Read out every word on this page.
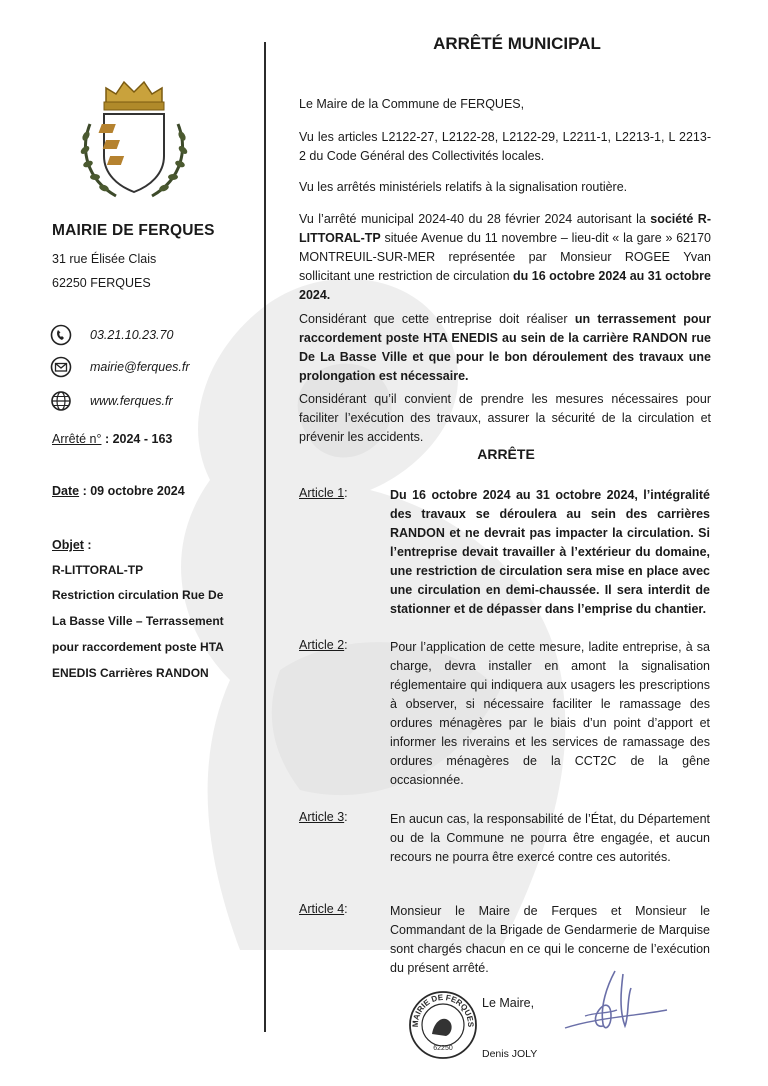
MAIRIE DE FERQUES
31 rue Élisée Clais
62250 FERQUES
03.21.10.23.70
mairie@ferques.fr
www.ferques.fr
Arrêté n° : 2024 - 163
Date : 09 octobre 2024
Objet :
R-LITTORAL-TP
Restriction circulation Rue De
La Basse Ville – Terrassement
pour raccordement poste HTA
ENEDIS Carrières RANDON
ARRÊTÉ MUNICIPAL
Le Maire de la Commune de FERQUES,
Vu les articles L2122-27, L2122-28, L2122-29, L2211-1, L2213-1, L 2213-2 du Code Général des Collectivités locales.
Vu les arrêtés ministériels relatifs à la signalisation routière.
Vu l’arrêté municipal 2024-40 du 28 février 2024 autorisant la société R-LITTORAL-TP située Avenue du 11 novembre – lieu-dit « la gare » 62170 MONTREUIL-SUR-MER représentée par Monsieur ROGEE Yvan sollicitant une restriction de circulation du 16 octobre 2024 au 31 octobre 2024.
Considérant que cette entreprise doit réaliser un terrassement pour raccordement poste HTA ENEDIS au sein de la carrière RANDON rue De La Basse Ville et que pour le bon déroulement des travaux une prolongation est nécessaire.
Considérant qu’il convient de prendre les mesures nécessaires pour faciliter l’exécution des travaux, assurer la sécurité de la circulation et prévenir les accidents.
ARRÊTE
Article 1:	Du 16 octobre 2024 au 31 octobre 2024, l’intégralité des travaux se déroulera au sein des carrières RANDON et ne devrait pas impacter la circulation. Si l’entreprise devait travailler à l’extérieur du domaine, une restriction de circulation sera mise en place avec une circulation en demi-chaussée. Il sera interdit de stationner et de dépasser dans l’emprise du chantier.
Article 2:	Pour l’application de cette mesure, ladite entreprise, à sa charge, devra installer en amont la signalisation réglementaire qui indiquera aux usagers les prescriptions à observer, si nécessaire faciliter le ramassage des ordures ménagères par le biais d’un point d’apport et informer les riverains et les services de ramassage des ordures ménagères de la CCT2C de la gêne occasionnée.
Article 3:	En aucun cas, la responsabilité de l’État, du Département ou de la Commune ne pourra être engagée, et aucun recours ne pourra être exercé contre ces autorités.
Article 4:	Monsieur le Maire de Ferques et Monsieur le Commandant de la Brigade de Gendarmerie de Marquise sont chargés chacun en ce qui le concerne de l’exécution du présent arrêté.
MAIRIE DE FERQUES
62250
Le Maire,
Denis JOLY
